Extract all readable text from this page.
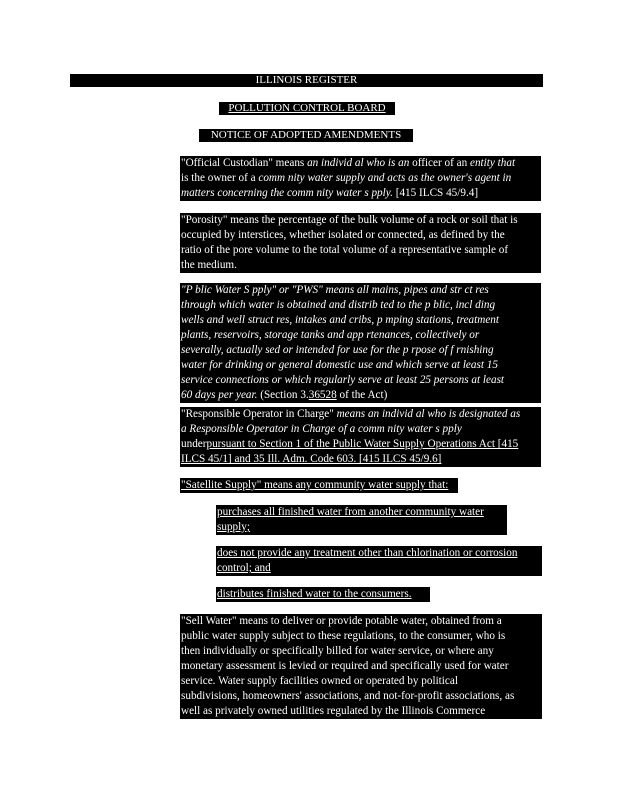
ILLINOIS REGISTER
POLLUTION CONTROL BOARD
NOTICE OF ADOPTED AMENDMENTS
"Official Custodian" means an individ al who is an officer of an entity that
is the owner of a comm nity water supply and acts as the owner's agent in
matters concerning the comm nity water s pply. [415 ILCS 45/9.4]
"Porosity" means the percentage of the bulk volume of a rock or soil that is
occupied by interstices, whether isolated or connected, as defined by the
ratio of the pore volume to the total volume of a representative sample of
the medium.
"P blic Water S pply" or "PWS" means all mains, pipes and str ct res
through which water is obtained and distrib ted to the p blic, incl ding
wells and well struct res, intakes and cribs, p mping stations, treatment
plants, reservoirs, storage tanks and app rtenances, collectively or
severally, actually sed or intended for use for the p rpose of f rnishing
water for drinking or general domestic use and which serve at least 15
service connections or which regularly serve at least 25 persons at least
60 days per year. (Section 3.36528 of the Act)
"Responsible Operator in Charge" means an individ al who is designated as
a Responsible Operator in Charge of a comm nity water s pply
underpursuant to Section 1 of the Public Water Supply Operations Act [415
ILCS 45/1] and 35 Ill. Adm. Code 603. [415 ILCS 45/9.6]
"Satellite Supply" means any community water supply that:
purchases all finished water from another community water
supply;
does not provide any treatment other than chlorination or corrosion
control; and
distributes finished water to the consumers.
"Sell Water" means to deliver or provide potable water, obtained from a
public water supply subject to these regulations, to the consumer, who is
then individually or specifically billed for water service, or where any
monetary assessment is levied or required and specifically used for water
service. Water supply facilities owned or operated by political
subdivisions, homeowners' associations, and not-for-profit associations, as
well as privately owned utilities regulated by the Illinois Commerce
